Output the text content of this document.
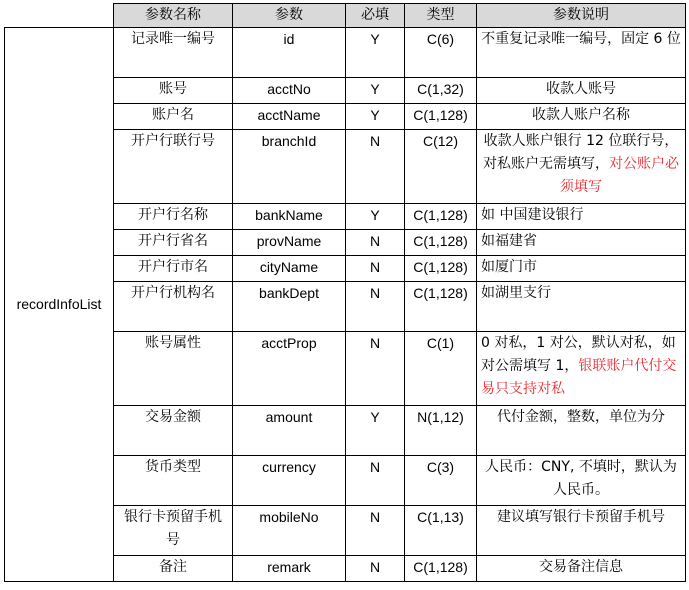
	参数名称	参数	必填	类型	参数说明
recordInfoList	记录唯一编号	id	Y	C(6)	不重复记录唯一编号，固定 6 位
	账号	acctNo	Y	C(1,32)	收款人账号
	账户名	acctName	Y	C(1,128)	收款人账户名称
	开户行联行号	branchId	N	C(12)	收款人账户银行 12 位联行号，对私账户无需填写，对公账户必须填写
	开户行名称	bankName	Y	C(1,128)	如 中国建设银行
	开户行省名	provName	N	C(1,128)	如福建省
	开户行市名	cityName	N	C(1,128)	如厦门市
	开户行机构名	bankDept	N	C(1,128)	如湖里支行
	账号属性	acctProp	N	C(1)	0 对私，1 对公，默认对私，如对公需填写 1，银联账户代付交易只支持对私
	交易金额	amount	Y	N(1,12)	代付金额，整数，单位为分
	货币类型	currency	N	C(3)	人民币：CNY, 不填时，默认为人民币。
	银行卡预留手机号	mobileNo	N	C(1,13)	建议填写银行卡预留手机号
	备注	remark	N	C(1,128)	交易备注信息
